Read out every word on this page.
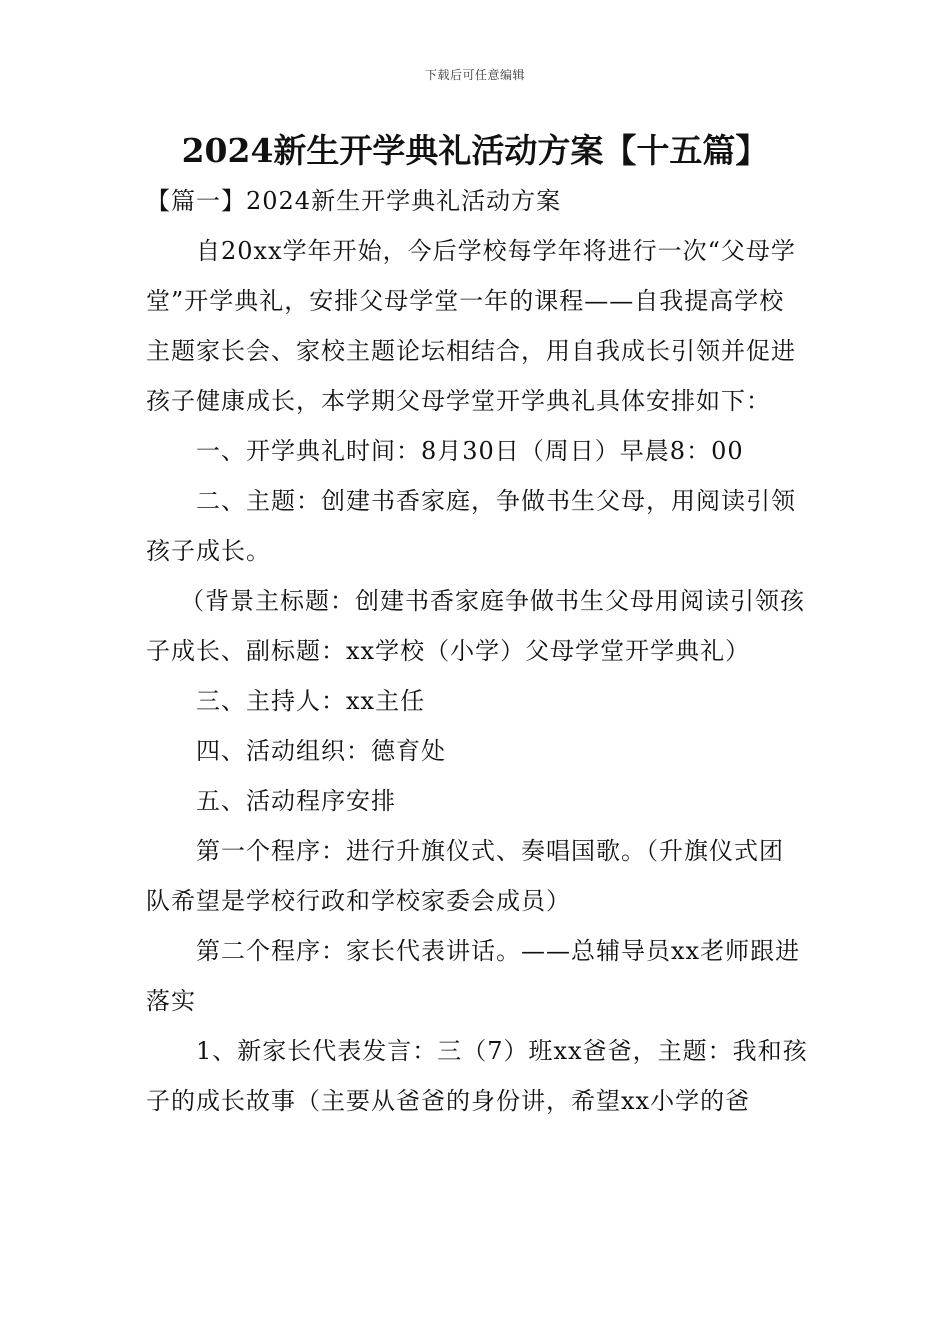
下载后可任意编辑
2024新生开学典礼活动方案【十五篇】

【篇一】2024新生开学典礼活动方案

自20xx学年开始，今后学校每学年将进行一次“父母学堂”开学典礼，安排父母学堂一年的课程——自我提高学校主题家长会、家校主题论坛相结合，用自我成长引领并促进孩子健康成长，本学期父母学堂开学典礼具体安排如下：

一、开学典礼时间：8月30日（周日）早晨8：00

二、主题：创建书香家庭，争做书生父母，用阅读引领孩子成长。

（背景主标题：创建书香家庭争做书生父母用阅读引领孩子成长、副标题：xx学校（小学）父母学堂开学典礼）

三、主持人：xx主任

四、活动组织：德育处

五、活动程序安排

第一个程序：进行升旗仪式、奏唱国歌。（升旗仪式团队希望是学校行政和学校家委会成员）

第二个程序：家长代表讲话。——总辅导员xx老师跟进落实

1、新家长代表发言：三（7）班xx爸爸，主题：我和孩子的成长故事（主要从爸爸的身份讲，希望xx小学的爸
